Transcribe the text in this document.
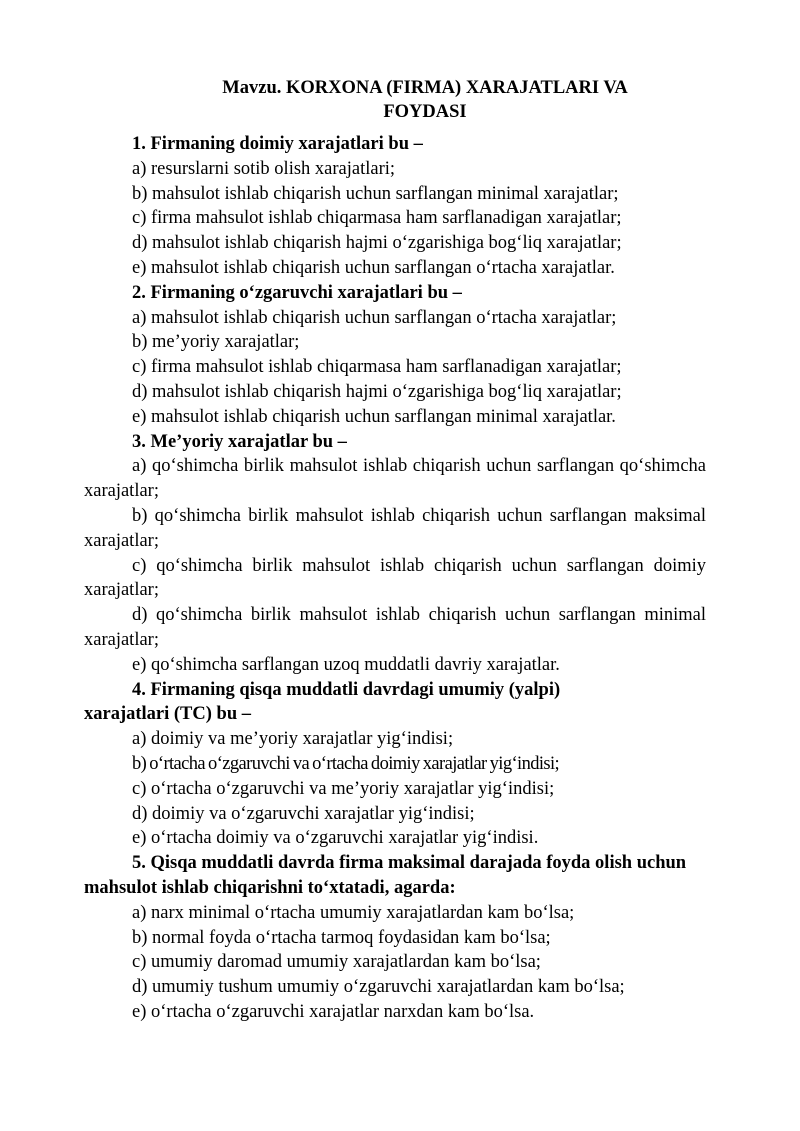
Mavzu. KORXONA (FIRMA) XARAJATLARI VA
FOYDASI
1. Firmaning doimiy xarajatlari bu –
a) resurslarni sotib olish xarajatlari;
b) mahsulot ishlab chiqarish uchun sarflangan minimal xarajatlar;
c) firma mahsulot ishlab chiqarmasa ham sarflanadigan xarajatlar;
d) mahsulot ishlab chiqarish hajmi oʻzgarishiga bogʻliq xarajatlar;
e) mahsulot ishlab chiqarish uchun sarflangan oʻrtacha xarajatlar.
2. Firmaning oʻzgaruvchi xarajatlari bu –
a) mahsulot ishlab chiqarish uchun sarflangan oʻrtacha xarajatlar;
b) me’yoriy xarajatlar;
c) firma mahsulot ishlab chiqarmasa ham sarflanadigan xarajatlar;
d) mahsulot ishlab chiqarish hajmi oʻzgarishiga bogʻliq xarajatlar;
e) mahsulot ishlab chiqarish uchun sarflangan minimal xarajatlar.
3. Me’yoriy xarajatlar bu –
a) qoʻshimcha birlik mahsulot ishlab chiqarish uchun sarflangan qoʻshimcha xarajatlar;
b) qoʻshimcha birlik mahsulot ishlab chiqarish uchun sarflangan maksimal xarajatlar;
c) qoʻshimcha birlik mahsulot ishlab chiqarish uchun sarflangan doimiy xarajatlar;
d) qoʻshimcha birlik mahsulot ishlab chiqarish uchun sarflangan minimal xarajatlar;
e) qoʻshimcha sarflangan uzoq muddatli davriy xarajatlar.
4. Firmaning qisqa muddatli davrdagi umumiy (yalpi) xarajatlari (TC) bu –
a) doimiy va me’yoriy xarajatlar yigʻindisi;
b) oʻrtacha oʻzgaruvchi va oʻrtacha doimiy xarajatlar yigʻindisi;
c) oʻrtacha oʻzgaruvchi va me’yoriy xarajatlar yigʻindisi;
d) doimiy va oʻzgaruvchi xarajatlar yigʻindisi;
e) oʻrtacha doimiy va oʻzgaruvchi xarajatlar yigʻindisi.
5. Qisqa muddatli davrda firma maksimal darajada foyda olish uchun mahsulot ishlab chiqarishni toʻxtatadi, agarda:
a) narx minimal oʻrtacha umumiy xarajatlardan kam boʻlsa;
b) normal foyda oʻrtacha tarmoq foydasidan kam boʻlsa;
c) umumiy daromad umumiy xarajatlardan kam boʻlsa;
d) umumiy tushum umumiy oʻzgaruvchi xarajatlardan kam boʻlsa;
e) oʻrtacha oʻzgaruvchi xarajatlar narxdan kam boʻlsa.
